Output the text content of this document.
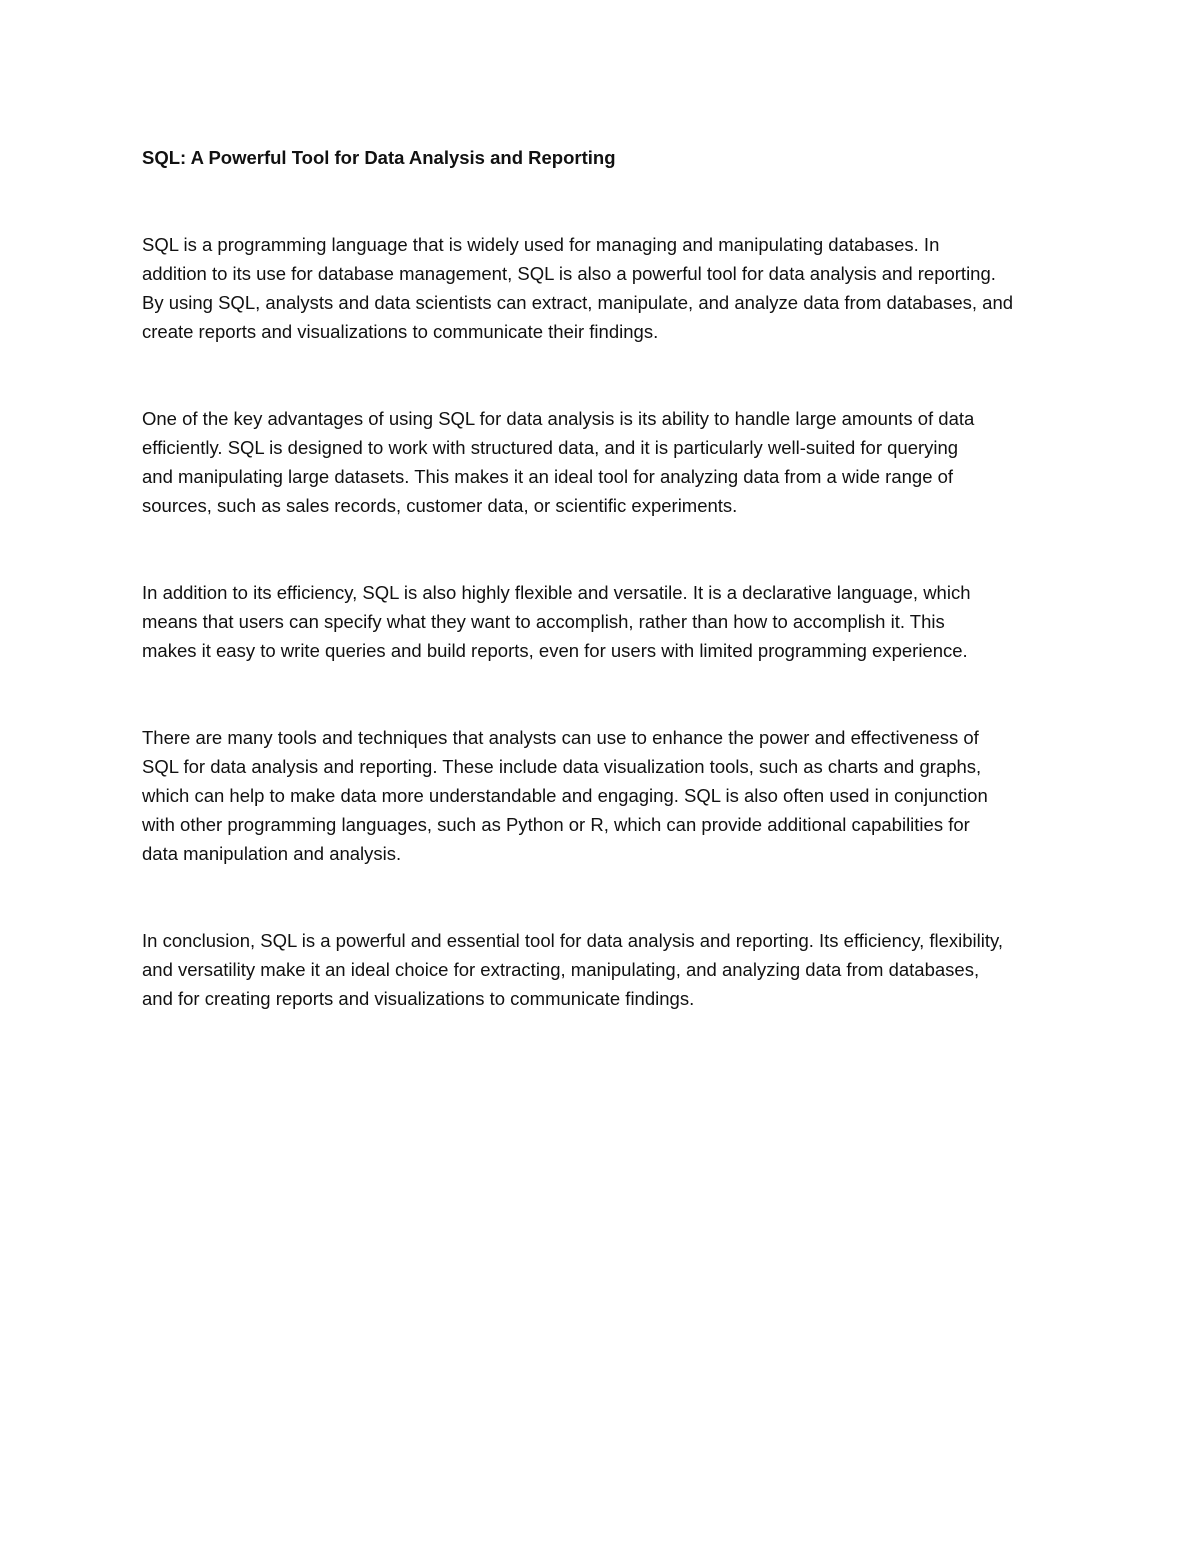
SQL: A Powerful Tool for Data Analysis and Reporting
SQL is a programming language that is widely used for managing and manipulating databases. In
addition to its use for database management, SQL is also a powerful tool for data analysis and reporting.
By using SQL, analysts and data scientists can extract, manipulate, and analyze data from databases, and
create reports and visualizations to communicate their findings.
One of the key advantages of using SQL for data analysis is its ability to handle large amounts of data
efficiently. SQL is designed to work with structured data, and it is particularly well-suited for querying
and manipulating large datasets. This makes it an ideal tool for analyzing data from a wide range of
sources, such as sales records, customer data, or scientific experiments.
In addition to its efficiency, SQL is also highly flexible and versatile. It is a declarative language, which
means that users can specify what they want to accomplish, rather than how to accomplish it. This
makes it easy to write queries and build reports, even for users with limited programming experience.
There are many tools and techniques that analysts can use to enhance the power and effectiveness of
SQL for data analysis and reporting. These include data visualization tools, such as charts and graphs,
which can help to make data more understandable and engaging. SQL is also often used in conjunction
with other programming languages, such as Python or R, which can provide additional capabilities for
data manipulation and analysis.
In conclusion, SQL is a powerful and essential tool for data analysis and reporting. Its efficiency, flexibility,
and versatility make it an ideal choice for extracting, manipulating, and analyzing data from databases,
and for creating reports and visualizations to communicate findings.
